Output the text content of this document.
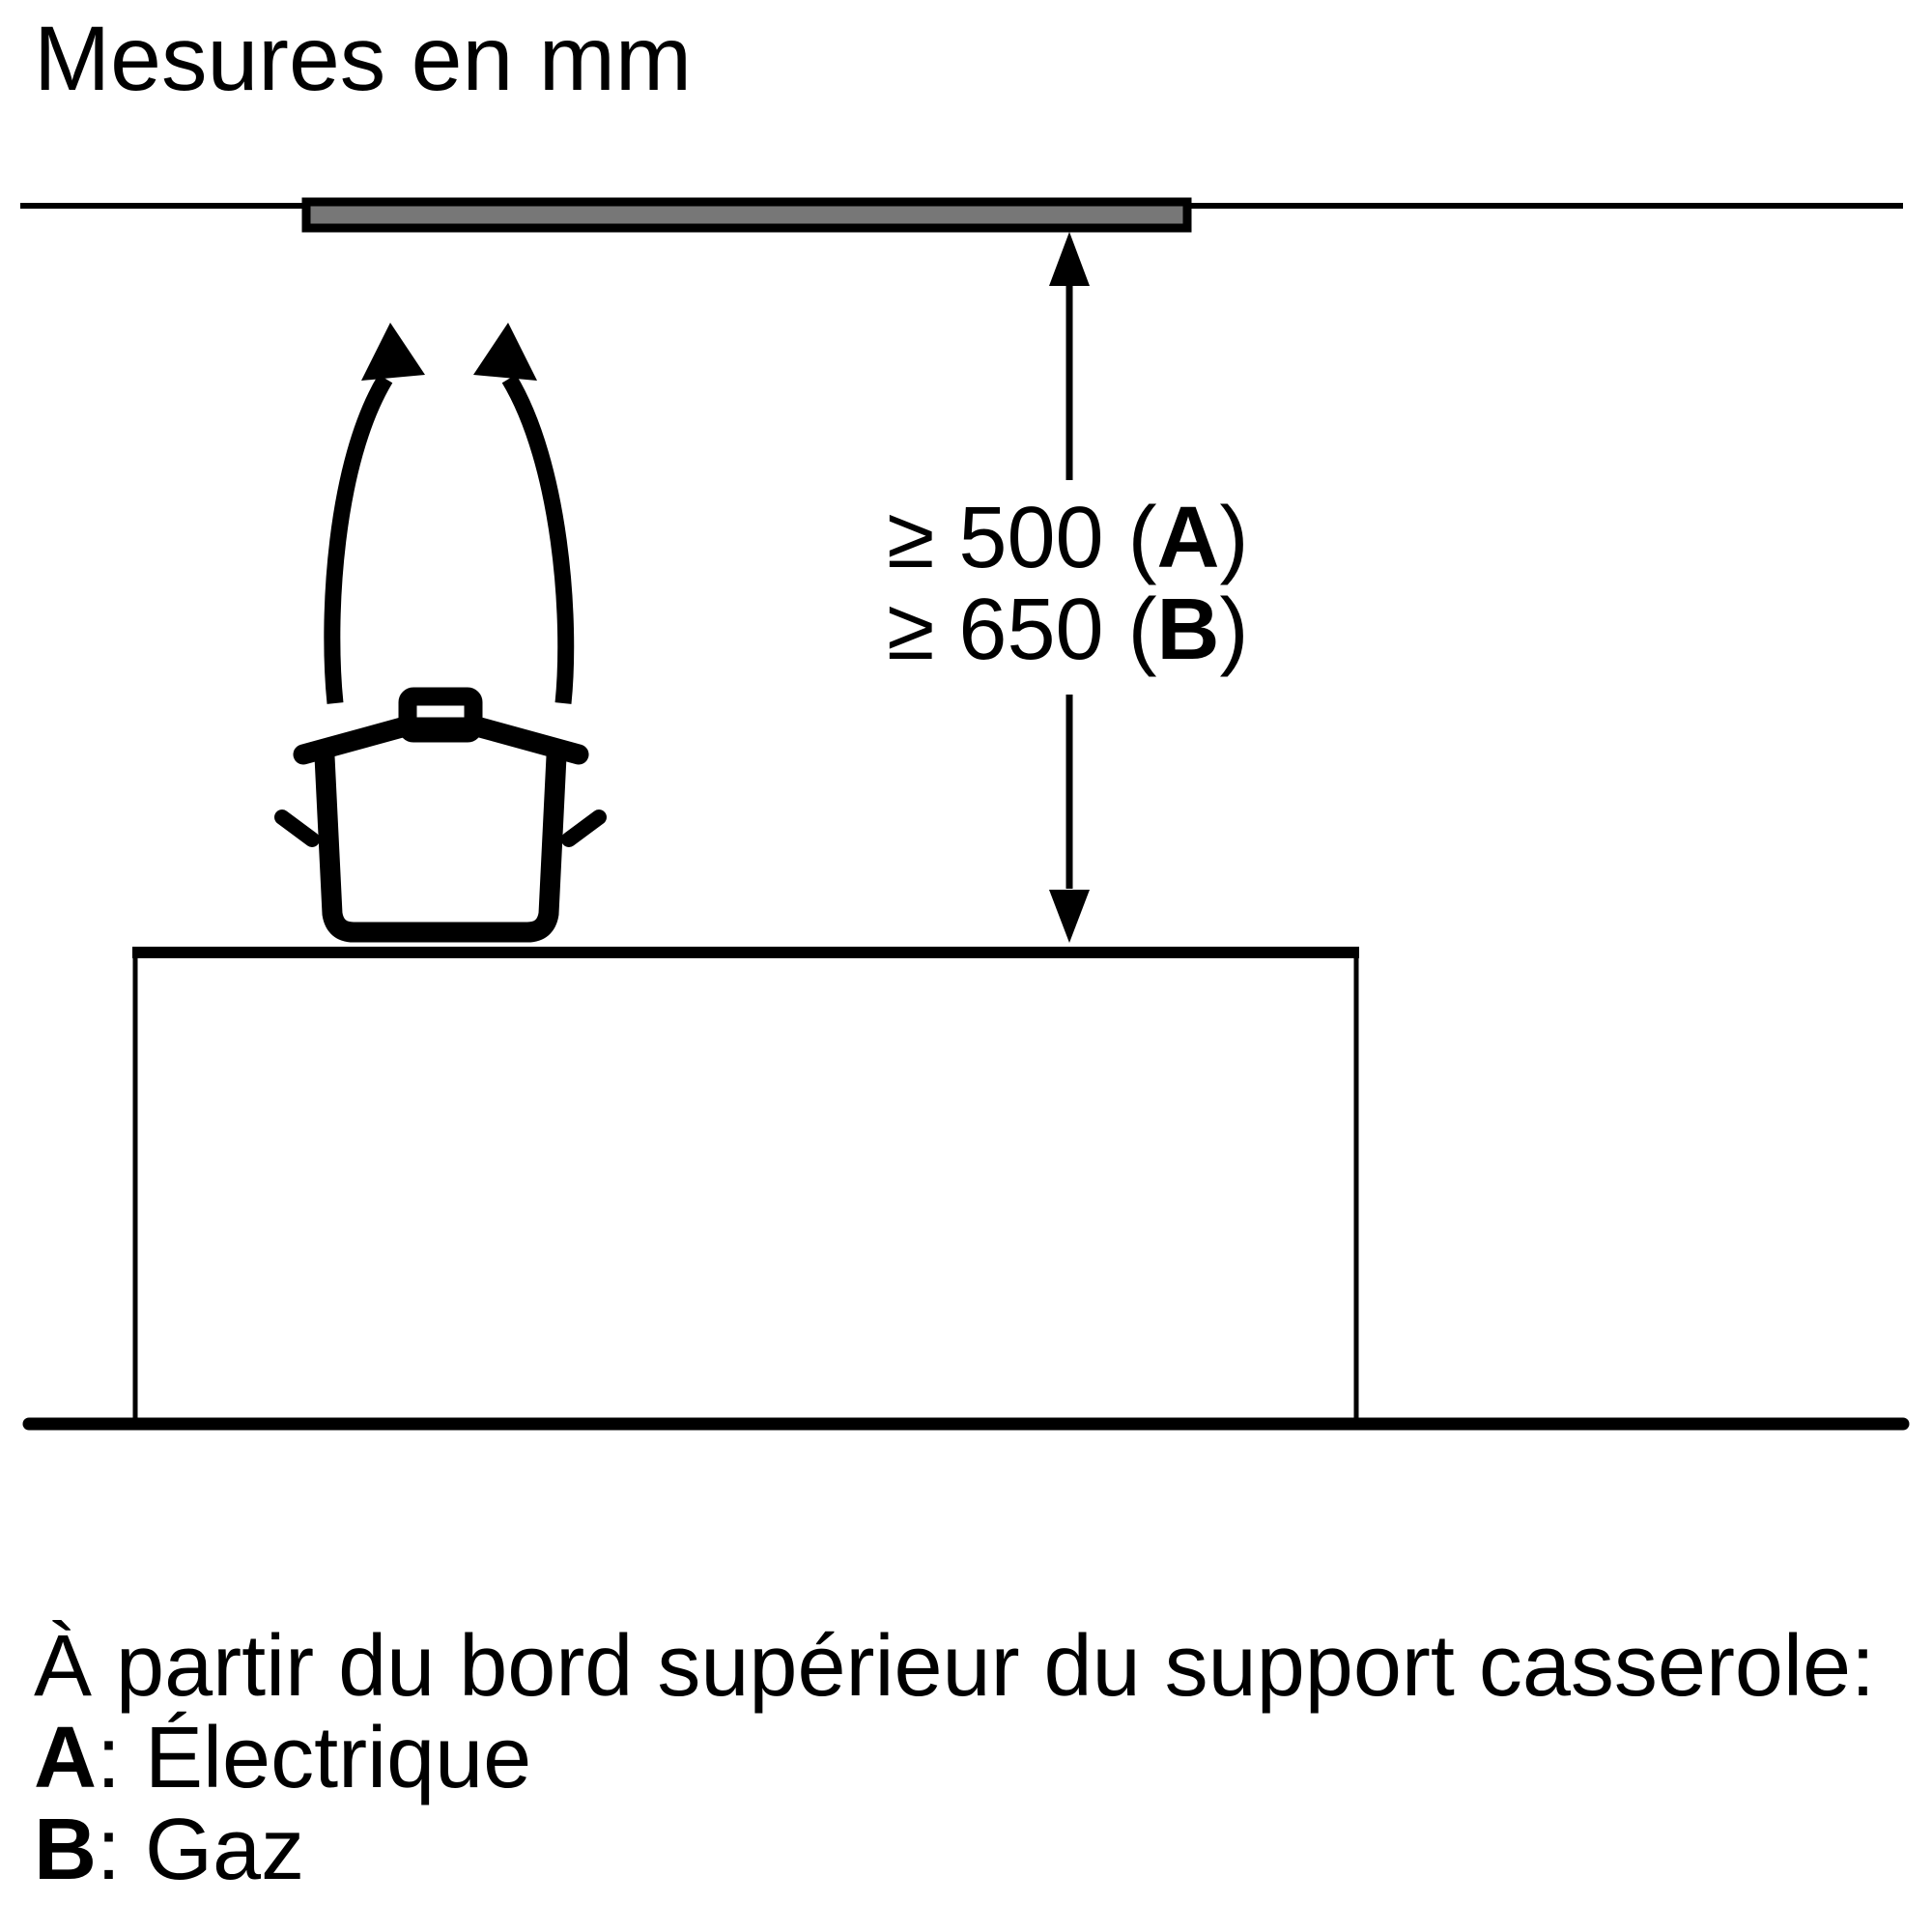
Mesures en mm
≥ 500 (A)
≥ 650 (B)
À partir du bord supérieur du support casserole:
A: Électrique
B: Gaz
